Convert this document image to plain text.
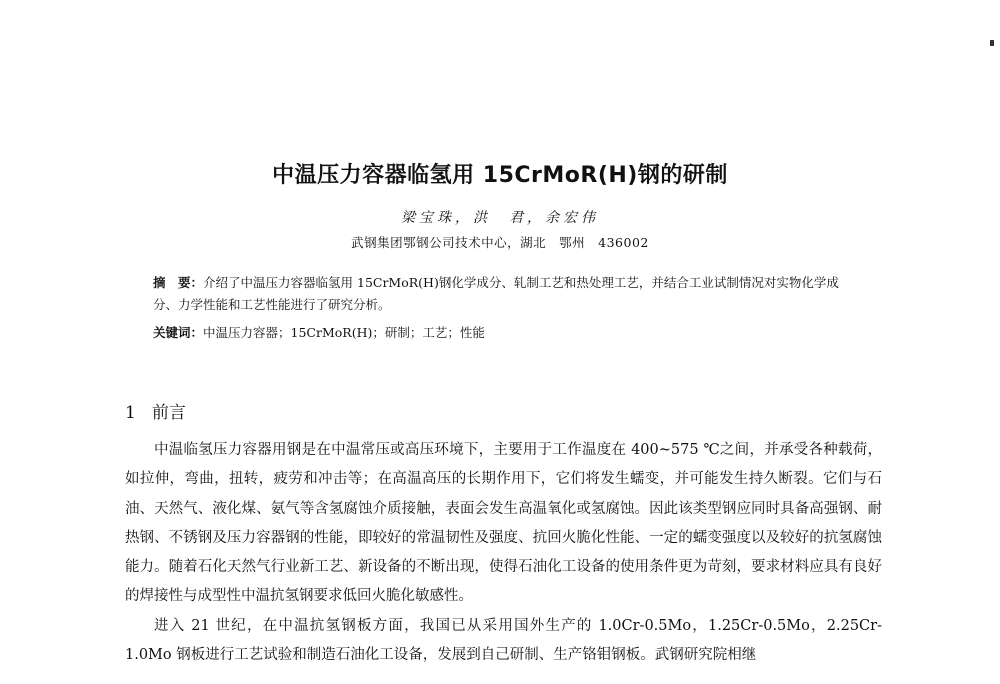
中温压力容器临氢用 15CrMoR(H)钢的研制
梁宝珠，洪　君，余宏伟
武钢集团鄂钢公司技术中心，湖北　鄂州　436002
摘　要：介绍了中温压力容器临氢用 15CrMoR(H)钢化学成分、轧制工艺和热处理工艺，并结合工业试制情况对实物化学成分、力学性能和工艺性能进行了研究分析。
关键词：中温压力容器；15CrMoR(H)；研制；工艺；性能
1 前言

中温临氢压力容器用钢是在中温常压或高压环境下，主要用于工作温度在 400~575 ℃之间，并承受各种载荷，如拉伸，弯曲，扭转，疲劳和冲击等；在高温高压的长期作用下，它们将发生蠕变，并可能发生持久断裂。它们与石油、天然气、液化煤、氨气等含氢腐蚀介质接触，表面会发生高温氧化或氢腐蚀。因此该类型钢应同时具备高强钢、耐热钢、不锈钢及压力容器钢的性能，即较好的常温韧性及强度、抗回火脆化性能、一定的蠕变强度以及较好的抗氢腐蚀能力。随着石化天然气行业新工艺、新设备的不断出现，使得石油化工设备的使用条件更为苛刻，要求材料应具有良好的焊接性与成型性中温抗氢钢要求低回火脆化敏感性。

进入 21 世纪，在中温抗氢钢板方面，我国已从采用国外生产的 1.0Cr-0.5Mo，1.25Cr-0.5Mo，2.25Cr-1.0Mo 钢板进行工艺试验和制造石油化工设备，发展到自己研制、生产铬钼钢板。武钢研究院相继
